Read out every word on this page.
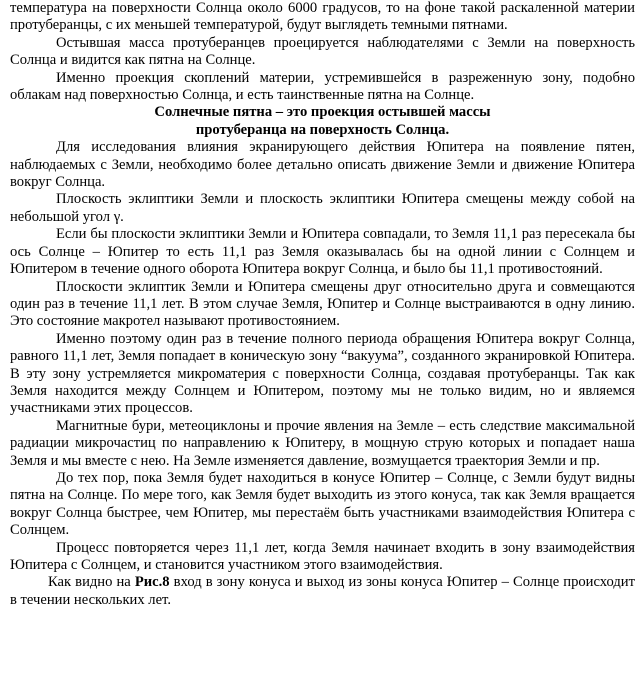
температура на поверхности Солнца около 6000 градусов, то на фоне такой раскаленной материи протуберанцы, с их меньшей температурой, будут выглядеть темными пятнами.

Остывшая масса протуберанцев проецируется наблюдателями с Земли на поверхность Солнца и видится как пятна на Солнце.

Именно проекция скоплений материи, устремившейся в разреженную зону, подобно облакам над поверхностью Солнца, и есть таинственные пятна на Солнце.

Солнечные пятна – это проекция остывшей массы
протуберанца на поверхность Солнца.

Для исследования влияния экранирующего действия Юпитера на появление пятен, наблюдаемых с Земли, необходимо более детально описать движение Земли и движение Юпитера вокруг Солнца.

Плоскость эклиптики Земли и плоскость эклиптики Юпитера смещены между собой на небольшой угол γ.

Если бы плоскости эклиптики Земли и Юпитера совпадали, то Земля 11,1 раз пересекала бы ось Солнце – Юпитер то есть 11,1 раз Земля оказывалась бы на одной линии с Солнцем и Юпитером в течение одного оборота Юпитера вокруг Солнца, и было бы 11,1 противостояний.

Плоскости эклиптик Земли и Юпитера смещены друг относительно друга и совмещаются один раз в течение 11,1 лет. В этом случае Земля, Юпитер и Солнце выстраиваются в одну линию. Это состояние макротел называют противостоянием.

Именно поэтому один раз в течение полного периода обращения Юпитера вокруг Солнца, равного 11,1 лет, Земля попадает в коническую зону “вакуума”, созданного экранировкой Юпитера. В эту зону устремляется микроматерия с поверхности Солнца, создавая протуберанцы. Так как Земля находится между Солнцем и Юпитером, поэтому мы не только видим, но и являемся участниками этих процессов.

Магнитные бури, метеоциклоны и прочие явления на Земле – есть следствие максимальной радиации микрочастиц по направлению к Юпитеру, в мощную струю которых и попадает наша Земля и мы вместе с нею. На Земле изменяется давление, возмущается траектория Земли и пр.

До тех пор, пока Земля будет находиться в конусе Юпитер – Солнце, с Земли будут видны пятна на Солнце. По мере того, как Земля будет выходить из этого конуса, так как Земля вращается вокруг Солнца быстрее, чем Юпитер, мы перестаём быть участниками взаимодействия Юпитера с Солнцем.

Процесс повторяется через 11,1 лет, когда Земля начинает входить в зону взаимодействия Юпитера с Солнцем, и становится участником этого взаимодействия.

Как видно на Рис.8 вход в зону конуса и выход из зоны конуса Юпитер – Солнце происходит в течении нескольких лет.
